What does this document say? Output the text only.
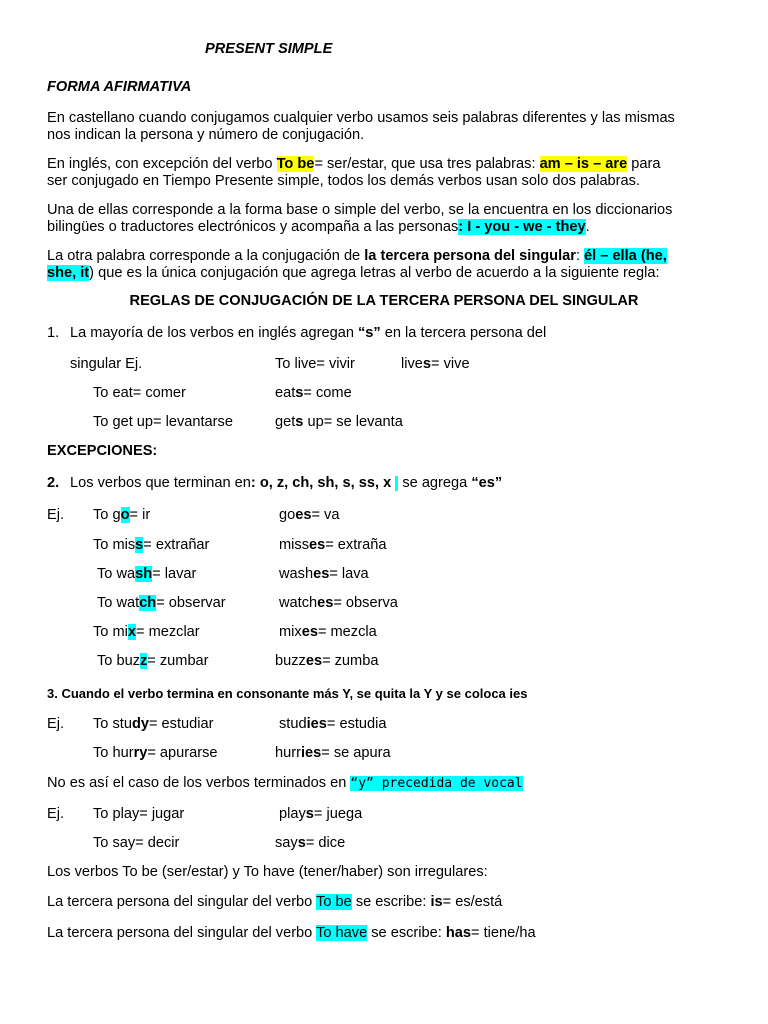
PRESENT SIMPLE
FORMA AFIRMATIVA
En castellano cuando conjugamos cualquier verbo usamos seis palabras diferentes y las mismas
nos indican la persona y número de conjugación.
En inglés, con excepción del verbo To be= ser/estar, que usa tres palabras: am – is – are para
ser conjugado en Tiempo Presente simple, todos los demás verbos usan solo dos palabras.
Una de ellas corresponde a la forma base o simple del verbo, se la encuentra en los diccionarios
bilingües o traductores electrónicos y acompaña a las personas: I - you - we - they.
La otra palabra corresponde a la conjugación de la tercera persona del singular: él – ella (he,
she, it) que es la única conjugación que agrega letras al verbo de acuerdo a la siguiente regla:
REGLAS DE CONJUGACIÓN DE LA TERCERA PERSONA DEL SINGULAR
1. La mayoría de los verbos en inglés agregan “s” en la tercera persona del
singular Ej.	To live= vivir	lives= vive
To eat= comer	eats= come
To get up= levantarse	gets up= se levanta
EXCEPCIONES:
2. Los verbos que terminan en: o, z, ch, sh, s, ss, x  se agrega “es”
Ej. To go= ir	goes= va
To miss= extrañar	misses= extraña
To wash= lavar	washes= lava
To watch= observar	watches= observa
To mix= mezclar	mixes= mezcla
To buzz= zumbar	buzzes= zumba
3. Cuando el verbo termina en consonante más Y, se quita la Y y se coloca ies
Ej. To study= estudiar	studies= estudia
To hurry= apurarse	hurries= se apura
No es así el caso de los verbos terminados en “y” precedida de vocal
Ej. To play= jugar	plays= juega
To say= decir	says= dice
Los verbos To be (ser/estar) y To have (tener/haber) son irregulares:
La tercera persona del singular del verbo To be se escribe: is= es/está
La tercera persona del singular del verbo To have se escribe: has= tiene/ha
